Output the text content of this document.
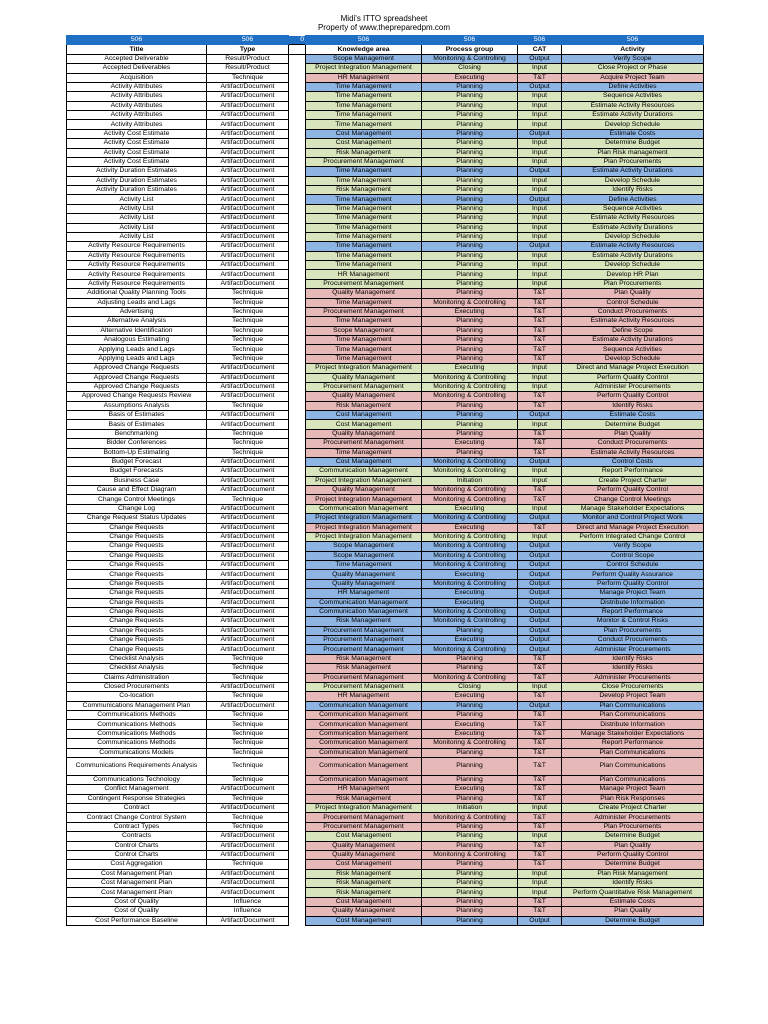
Midi's ITTO spreadsheet
Property of www.thepreparedpm.com
506	506	0	506	506	506	506
Title	Type		Knowledge area	Process group	CAT	Activity
Accepted Deliverable	Result/Product		Scope Management	Monitoring & Controlling	Output	Verify Scope
Accepted Deliverables	Result/Product		Project Integration Management	Closing	Input	Close Project or Phase
Acquisition	Technique		HR Management	Executing	T&T	Acquire Project Team
Activity Attributes	Artifact/Document		Time Management	Planning	Output	Define Activities
Activity Attributes	Artifact/Document		Time Management	Planning	Input	Sequence Activities
Activity Attributes	Artifact/Document		Time Management	Planning	Input	Estimate Activity Resources
Activity Attributes	Artifact/Document		Time Management	Planning	Input	Estimate Activity Durations
Activity Attributes	Artifact/Document		Time Management	Planning	Input	Develop Schedule
Activity Cost Estimate	Artifact/Document		Cost Management	Planning	Output	Estimate Costs
Activity Cost Estimate	Artifact/Document		Cost Management	Planning	Input	Determine Budget
Activity Cost Estimate	Artifact/Document		Risk Management	Planning	Input	Plan Risk management
Activity Cost Estimate	Artifact/Document		Procurement Management	Planning	Input	Plan Procurements
Activity Duration Estimates	Artifact/Document		Time Management	Planning	Output	Estimate Activity Durations
Activity Duration Estimates	Artifact/Document		Time Management	Planning	Input	Develop Schedule
Activity Duration Estimates	Artifact/Document		Risk Management	Planning	Input	Identify Risks
Activity List	Artifact/Document		Time Management	Planning	Output	Define Activities
Activity List	Artifact/Document		Time Management	Planning	Input	Sequence Activities
Activity List	Artifact/Document		Time Management	Planning	Input	Estimate Activity Resources
Activity List	Artifact/Document		Time Management	Planning	Input	Estimate Activity Durations
Activity List	Artifact/Document		Time Management	Planning	Input	Develop Schedule
Activity Resource Requirements	Artifact/Document		Time Management	Planning	Output	Estimate Activity Resources
Activity Resource Requirements	Artifact/Document		Time Management	Planning	Input	Estimate Activity Durations
Activity Resource Requirements	Artifact/Document		Time Management	Planning	Input	Develop Schedule
Activity Resource Requirements	Artifact/Document		HR Management	Planning	Input	Develop HR Plan
Activity Resource Requirements	Artifact/Document		Procurement Management	Planning	Input	Plan Procurements
Additional Quality Planning Tools	Technique		Quality Management	Planning	T&T	Plan Quality
Adjusting Leads and Lags	Technique		Time Management	Monitoring & Controlling	T&T	Control Schedule
Advertising	Technique		Procurement Management	Executing	T&T	Conduct Procurements
Alternative Analysis	Technique		Time Management	Planning	T&T	Estimate Activity Resources
Alternative Identification	Technique		Scope Management	Planning	T&T	Define Scope
Analogous Estimating	Technique		Time Management	Planning	T&T	Estimate Activity Durations
Applying Leads and Lags	Technique		Time Management	Planning	T&T	Sequence Activities
Applying Leads and Lags	Technique		Time Management	Planning	T&T	Develop Schedule
Approved Change Requests	Artifact/Document		Project Integration Management	Executing	Input	Direct and Manage Project Execution
Approved Change Requests	Artifact/Document		Quality Management	Monitoring & Controlling	Input	Perform Quality Control
Approved Change Requests	Artifact/Document		Procurement Management	Monitoring & Controlling	Input	Administer Procurements
Approved Change Requests Review	Artifact/Document		Quality Management	Monitoring & Controlling	T&T	Perform Quality Control
Assumptions Analysis	Technique		Risk Management	Planning	T&T	Identify Risks
Basis of Estimates	Artifact/Document		Cost Management	Planning	Output	Estimate Costs
Basis of Estimates	Artifact/Document		Cost Management	Planning	Input	Determine Budget
Benchmarking	Technique		Quality Management	Planning	T&T	Plan Quality
Bidder Conferences	Technique		Procurement Management	Executing	T&T	Conduct Procurements
Bottom-Up Estimating	Technique		Time Management	Planning	T&T	Estimate Activity Resources
Budget Forecast	Artifact/Document		Cost Management	Monitoring & Controlling	Output	Control Costs
Budget Forecasts	Artifact/Document		Communication Management	Monitoring & Controlling	Input	Report Performance
Business Case	Artifact/Document		Project Integration Management	Initiation	Input	Create Project Charter
Cause and Effect Diagram	Artifact/Document		Quality Management	Monitoring & Controlling	T&T	Perform Quality Control
Change Control Meetings	Technique		Project Integration Management	Monitoring & Controlling	T&T	Change Control Meetings
Change Log	Artifact/Document		Communication Management	Executing	Input	Manage Stakeholder Expectations
Change Request Status Updates	Artifact/Document		Project Integration Management	Monitoring & Controlling	Output	Monitor and Control Project Work
Change Requests	Artifact/Document		Project Integration Management	Executing	T&T	Direct and Manage Project Execution
Change Requests	Artifact/Document		Project Integration Management	Monitoring & Controlling	Input	Perform Integrated Change Control
Change Requests	Artifact/Document		Scope Management	Monitoring & Controlling	Output	Verify Scope
Change Requests	Artifact/Document		Scope Management	Monitoring & Controlling	Output	Control Scope
Change Requests	Artifact/Document		Time Management	Monitoring & Controlling	Output	Control Schedule
Change Requests	Artifact/Document		Quality Management	Executing	Output	Perform Quality Assurance
Change Requests	Artifact/Document		Quality Management	Monitoring & Controlling	Output	Perform Quality Control
Change Requests	Artifact/Document		HR Management	Executing	Output	Manage Project Team
Change Requests	Artifact/Document		Communication Management	Executing	Output	Distribute Information
Change Requests	Artifact/Document		Communication Management	Monitoring & Controlling	Output	Report Performance
Change Requests	Artifact/Document		Risk Management	Monitoring & Controlling	Output	Monitor & Control Risks
Change Requests	Artifact/Document		Procurement Management	Planning	Output	Plan Procurements
Change Requests	Artifact/Document		Procurement Management	Executing	Output	Conduct Procurements
Change Requests	Artifact/Document		Procurement Management	Monitoring & Controlling	Output	Administer Procurements
Checklist Analysis	Technique		Risk Management	Planning	T&T	Identify Risks
Checklist Analysis	Technique		Risk Management	Planning	T&T	Identify Risks
Claims Administration	Technique		Procurement Management	Monitoring & Controlling	T&T	Administer Procurements
Closed Procurements	Artifact/Document		Procurement Management	Closing	Input	Close Procurements
Co-location	Technique		HR Management	Executing	T&T	Develop Project Team
Communications Management Plan	Artifact/Document		Communication Management	Planning	Output	Plan Communications
Communications Methods	Technique		Communication Management	Planning	T&T	Plan Communications
Communications Methods	Technique		Communication Management	Executing	T&T	Distribute Information
Communications Methods	Technique		Communication Management	Executing	T&T	Manage Stakeholder Expectations
Communications Methods	Technique		Communication Management	Monitoring & Controlling	T&T	Report Performance
Communications Models	Technique		Communication Management	Planning	T&T	Plan Communications
Communications Requirements Analysis	Technique		Communication Management	Planning	T&T	Plan Communications
Communications Technology	Technique		Communication Management	Planning	T&T	Plan Communications
Conflict Management	Artifact/Document		HR Management	Executing	T&T	Manage Project Team
Contingent Response Strategies	Technique		Risk Management	Planning	T&T	Plan Risk Responses
Contract	Artifact/Document		Project Integration Management	Initiation	Input	Create Project Charter
Contract Change Control System	Technique		Procurement Management	Monitoring & Controlling	T&T	Administer Procurements
Contract Types	Technique		Procurement Management	Planning	T&T	Plan Procurements
Contracts	Artifact/Document		Cost Management	Planning	Input	Determine Budget
Control Charts	Artifact/Document		Quality Management	Planning	T&T	Plan Quality
Control Charts	Artifact/Document		Quality Management	Monitoring & Controlling	T&T	Perform Quality Control
Cost Aggregation	Technique		Cost Management	Planning	T&T	Determine Budget
Cost Management Plan	Artifact/Document		Risk Management	Planning	Input	Plan Risk Management
Cost Management Plan	Artifact/Document		Risk Management	Planning	Input	Identify Risks
Cost Management Plan	Artifact/Document		Risk Management	Planning	Input	Perform Quantitative Risk Management
Cost of Quality	Influence		Cost Management	Planning	T&T	Estimate Costs
Cost of Quality	Influence		Quality Management	Planning	T&T	Plan Quality
Cost Performance Baseline	Artifact/Document		Cost Management	Planning	Output	Determine Budget
